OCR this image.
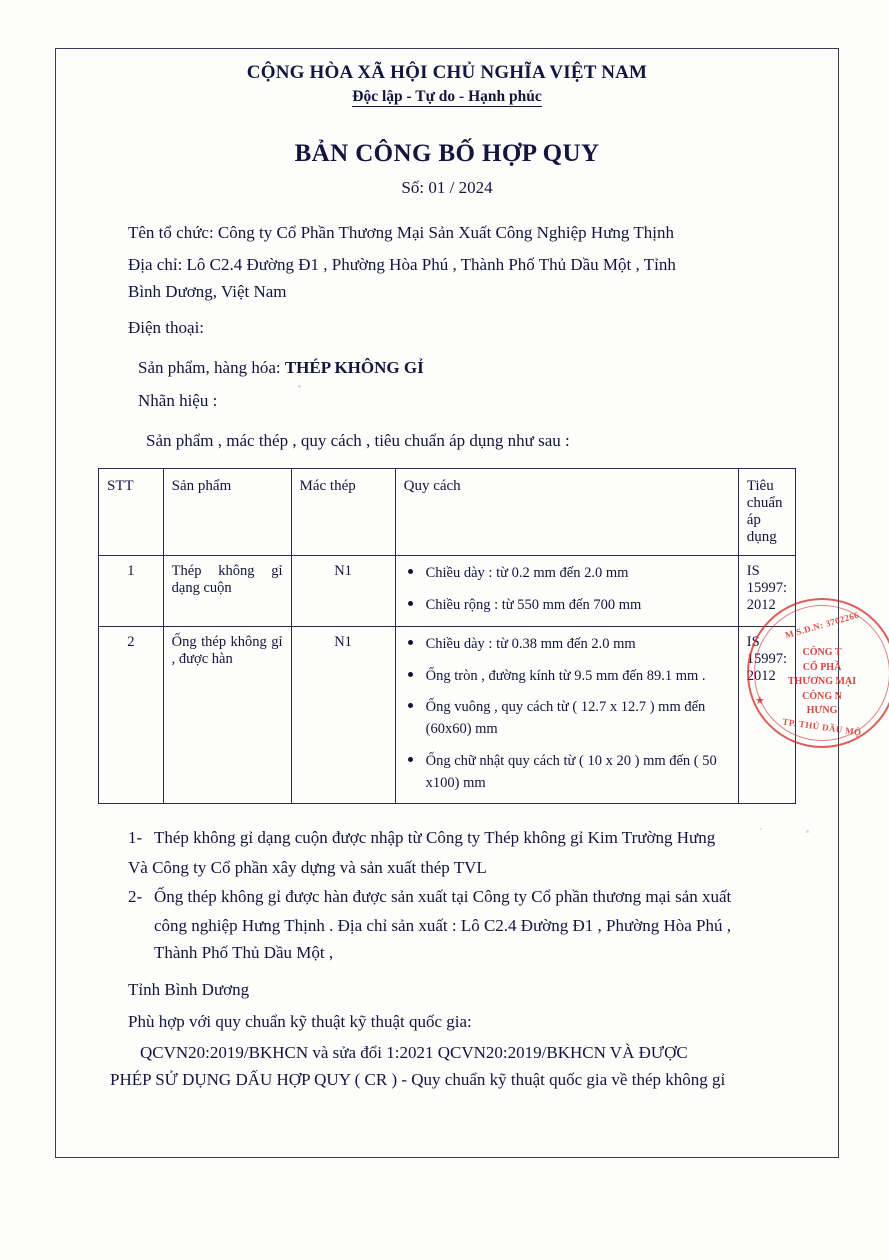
CỘNG HÒA XÃ HỘI CHỦ NGHĨA VIỆT NAM
Độc lập - Tự do - Hạnh phúc
BẢN CÔNG BỐ HỢP QUY
Số: 01 / 2024
Tên tổ chức: Công ty Cổ Phần Thương Mại Sản Xuất Công Nghiệp Hưng Thịnh
Địa chỉ: Lô C2.4 Đường Đ1 , Phường Hòa Phú , Thành Phố Thủ Dầu Một , Tỉnh
Bình Dương, Việt Nam
Điện thoại:
Sản phẩm, hàng hóa: THÉP KHÔNG GỈ
Nhãn hiệu :
Sản phẩm , mác thép , quy cách , tiêu chuẩn áp dụng như sau :
STT	Sản phẩm	Mác thép	Quy cách	Tiêu chuẩn áp dụng
1	Thép không gỉ dạng cuộn	N1	Chiều dày : từ 0.2 mm đến 2.0 mm
Chiều rộng : từ 550 mm đến 700 mm
	IS 15997: 2012
2	Ống thép không gỉ , được hàn	N1	Chiều dày : từ 0.38 mm đến 2.0 mm
Ống tròn , đường kính từ 9.5 mm đến 89.1 mm .
Ống vuông , quy cách từ ( 12.7 x 12.7 ) mm đến (60x60) mm
Ống chữ nhật quy cách từ ( 10 x 20 ) mm đến ( 50 x100) mm
	IS 15997: 2012
1- Thép không gỉ dạng cuộn được nhập từ Công ty Thép không gỉ Kim Trường Hưng
Và Công ty Cổ phần xây dựng và sản xuất thép TVL
2- Ống thép không gỉ được hàn được sản xuất tại Công ty Cổ phần thương mại sản xuất
công nghiệp Hưng Thịnh . Địa chỉ sản xuất : Lô C2.4 Đường Đ1 , Phường Hòa Phú ,
Thành Phố Thủ Dầu Một ,
Tỉnh Bình Dương
Phù hợp với quy chuẩn kỹ thuật kỹ thuật quốc gia:
QCVN20:2019/BKHCN và sửa đổi 1:2021 QCVN20:2019/BKHCN VÀ ĐƯỢC
PHÉP SỬ DỤNG DẤU HỢP QUY ( CR ) - Quy chuẩn kỹ thuật quốc gia về thép không gỉ
M.S.D.N: 3702266
CÔNG T
CỔ PHẦ
THƯƠNG MẠI
CÔNG N
HƯNG
★
TP. THỦ DẦU MỘ
